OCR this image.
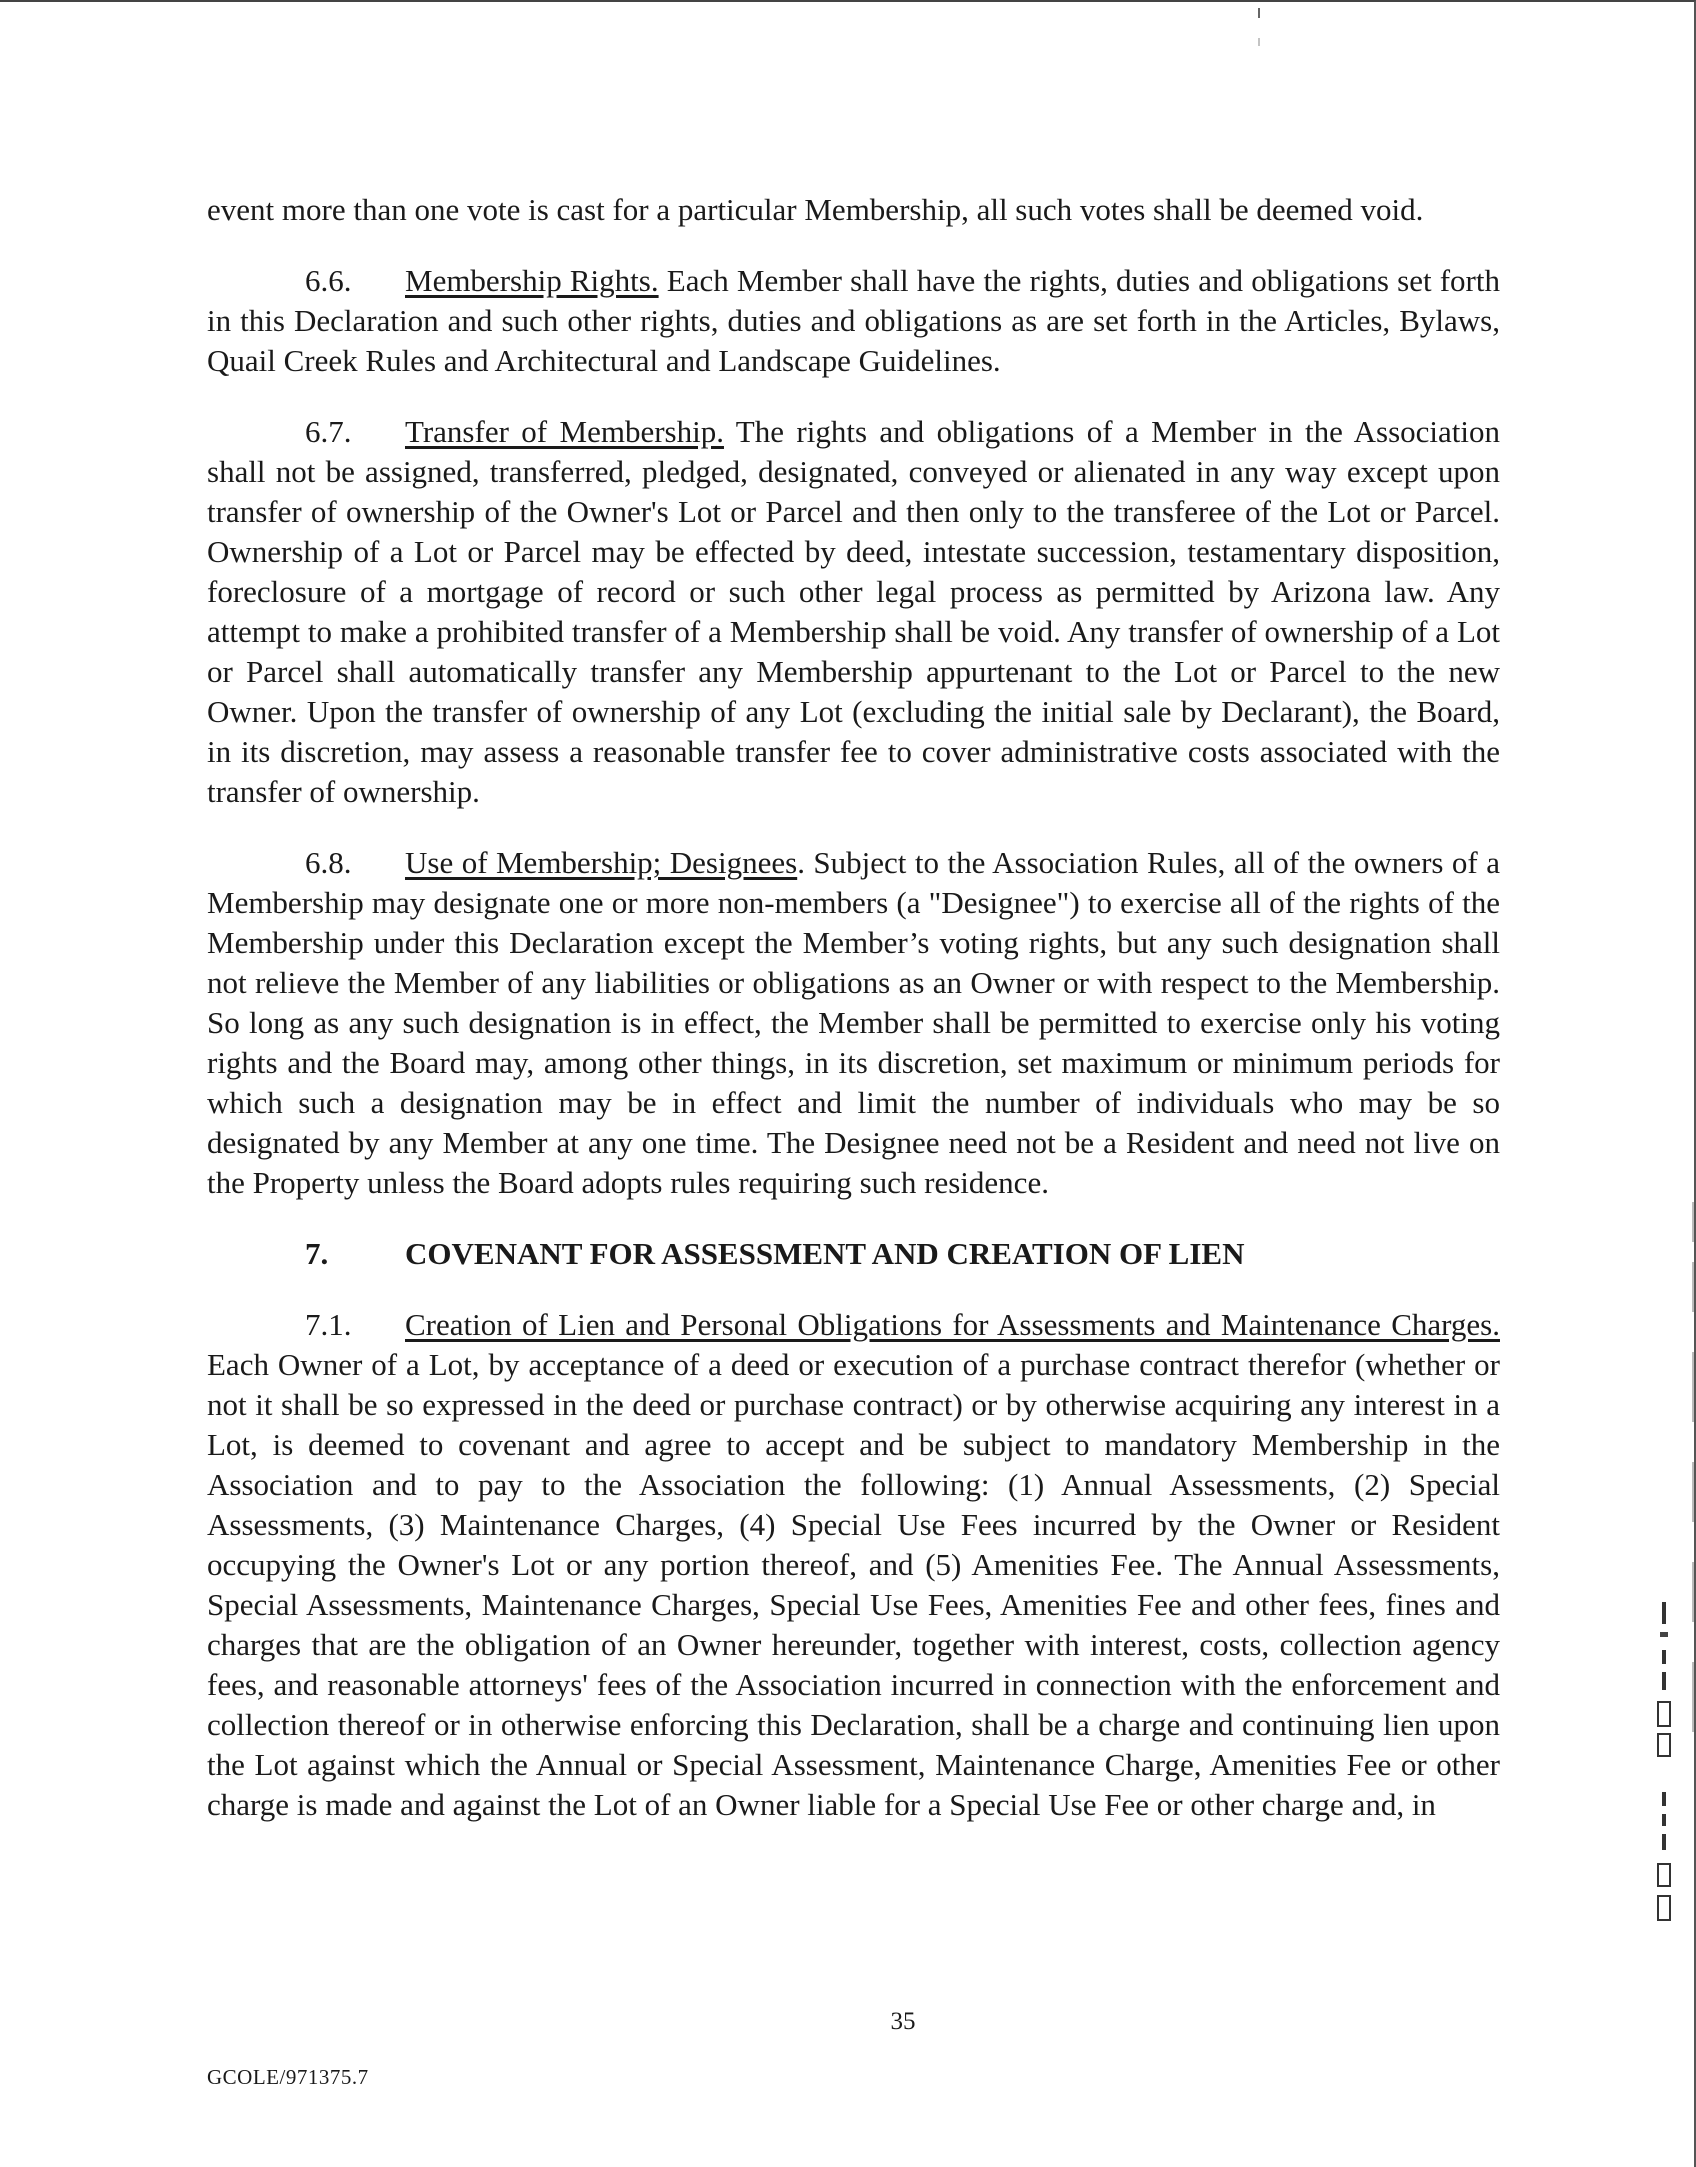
event more than one vote is cast for a particular Membership, all such votes shall be deemed void.

6.6. Membership Rights. Each Member shall have the rights, duties and obligations set forth in this Declaration and such other rights, duties and obligations as are set forth in the Articles, Bylaws, Quail Creek Rules and Architectural and Landscape Guidelines.

6.7. Transfer of Membership. The rights and obligations of a Member in the Association shall not be assigned, transferred, pledged, designated, conveyed or alienated in any way except upon transfer of ownership of the Owner's Lot or Parcel and then only to the transferee of the Lot or Parcel. Ownership of a Lot or Parcel may be effected by deed, intestate succession, testamentary disposition, foreclosure of a mortgage of record or such other legal process as permitted by Arizona law. Any attempt to make a prohibited transfer of a Membership shall be void. Any transfer of ownership of a Lot or Parcel shall automatically transfer any Membership appurtenant to the Lot or Parcel to the new Owner. Upon the transfer of ownership of any Lot (excluding the initial sale by Declarant), the Board, in its discretion, may assess a reasonable transfer fee to cover administrative costs associated with the transfer of ownership.

6.8. Use of Membership; Designees. Subject to the Association Rules, all of the owners of a Membership may designate one or more non-members (a "Designee") to exercise all of the rights of the Membership under this Declaration except the Member’s voting rights, but any such designation shall not relieve the Member of any liabilities or obligations as an Owner or with respect to the Membership. So long as any such designation is in effect, the Member shall be permitted to exercise only his voting rights and the Board may, among other things, in its discretion, set maximum or minimum periods for which such a designation may be in effect and limit the number of individuals who may be so designated by any Member at any one time. The Designee need not be a Resident and need not live on the Property unless the Board adopts rules requiring such residence.

7. COVENANT FOR ASSESSMENT AND CREATION OF LIEN

7.1. Creation of Lien and Personal Obligations for Assessments and Maintenance Charges. Each Owner of a Lot, by acceptance of a deed or execution of a purchase contract therefor (whether or not it shall be so expressed in the deed or purchase contract) or by otherwise acquiring any interest in a Lot, is deemed to covenant and agree to accept and be subject to mandatory Membership in the Association and to pay to the Association the following: (1) Annual Assessments, (2) Special Assessments, (3) Maintenance Charges, (4) Special Use Fees incurred by the Owner or Resident occupying the Owner's Lot or any portion thereof, and (5) Amenities Fee. The Annual Assessments, Special Assessments, Maintenance Charges, Special Use Fees, Amenities Fee and other fees, fines and charges that are the obligation of an Owner hereunder, together with interest, costs, collection agency fees, and reasonable attorneys' fees of the Association incurred in connection with the enforcement and collection thereof or in otherwise enforcing this Declaration, shall be a charge and continuing lien upon the Lot against which the Annual or Special Assessment, Maintenance Charge, Amenities Fee or other charge is made and against the Lot of an Owner liable for a Special Use Fee or other charge and, in

35
GCOLE/971375.7
